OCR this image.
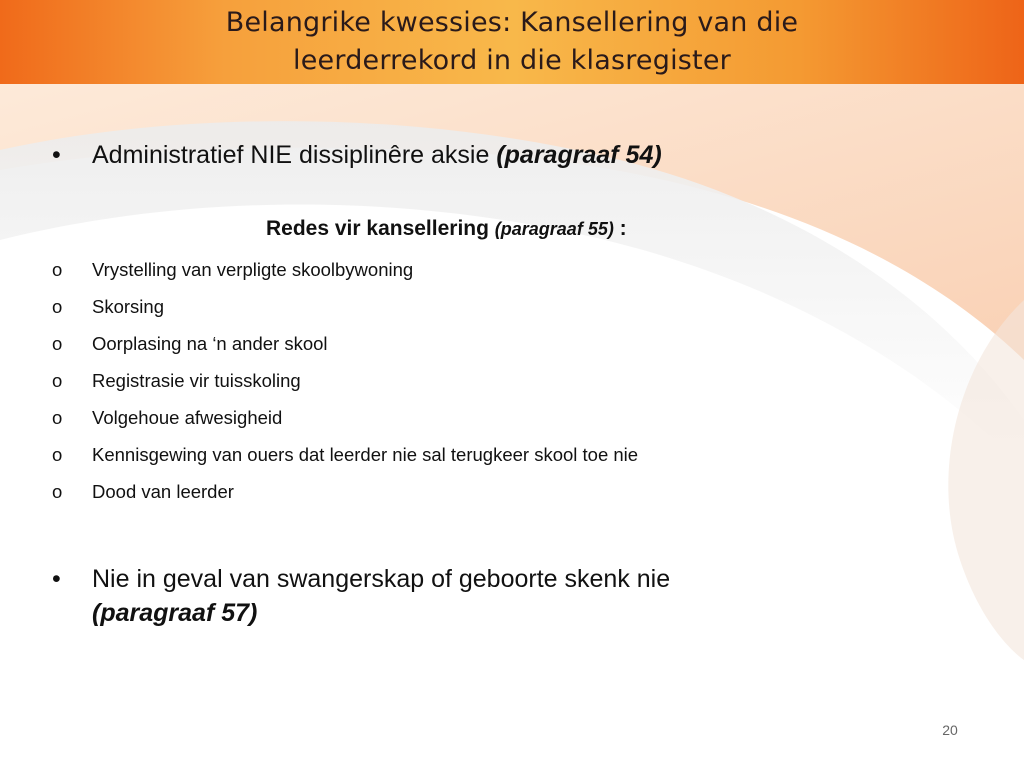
Belangrike kwessies: Kansellering van die
leerderrekord in die klasregister
•	Administratief NIE dissiplinêre aksie (paragraaf 54)
Redes vir kansellering (paragraaf 55) :
o	Vrystelling van verpligte skoolbywoning
o	Skorsing
o	Oorplasing na ‘n ander skool
o	Registrasie vir tuisskoling
o	Volgehoue afwesigheid
o	Kennisgewing van ouers dat leerder nie sal terugkeer skool toe nie
o	Dood van leerder
•	Nie in geval van swangerskap of geboorte skenk nie
(paragraaf 57)
20
